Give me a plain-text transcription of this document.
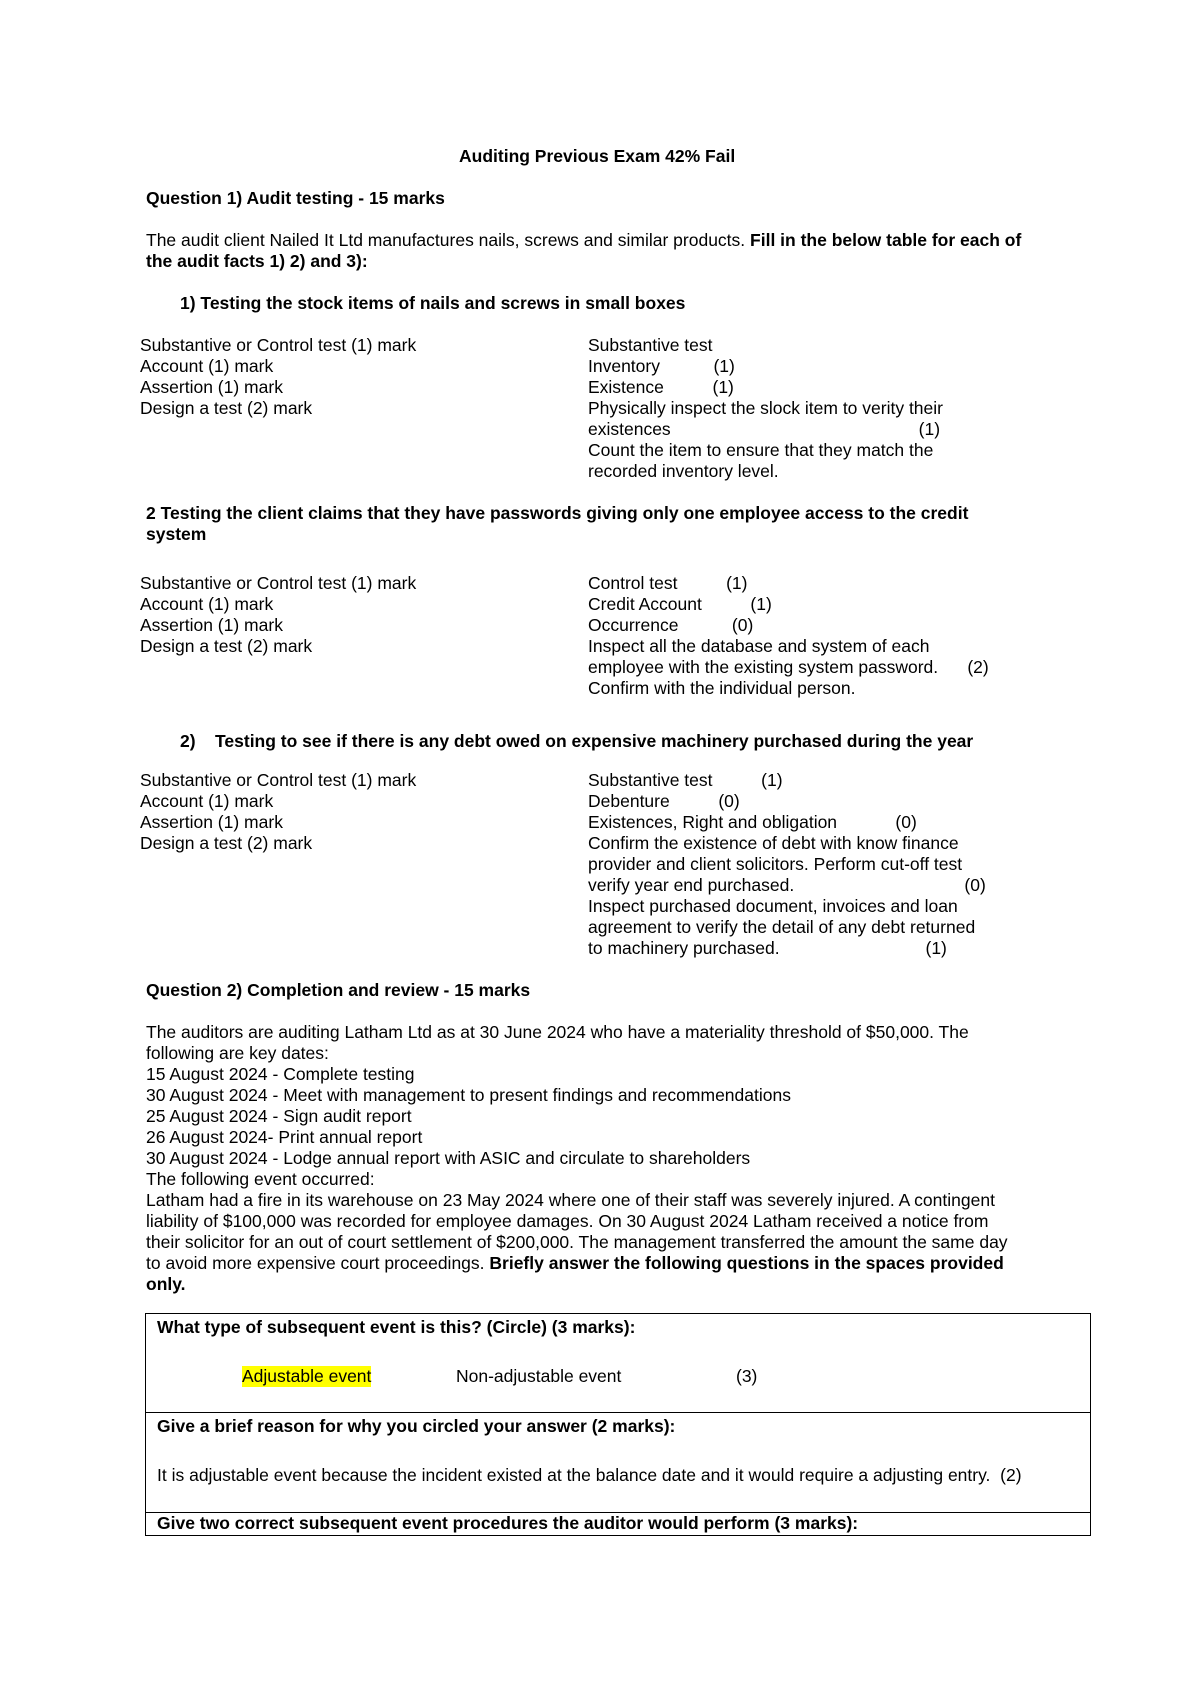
Auditing Previous Exam 42% Fail
Question 1) Audit testing - 15 marks
The audit client Nailed It Ltd manufactures nails, screws and similar products. Fill in the below table for each of
the audit facts 1) 2) and 3):
1) Testing the stock items of nails and screws in small boxes
Substantive or Control test (1) mark
Account (1) mark
Assertion (1) mark
Design a test (2) mark
Substantive test
Inventory           (1)
Existence          (1)
Physically inspect the slock item to verity their
existences                                                   (1)
Count the item to ensure that they match the
recorded inventory level.
2 Testing the client claims that they have passwords giving only one employee access to the credit
system
Substantive or Control test (1) mark
Account (1) mark
Assertion (1) mark
Design a test (2) mark
Control test          (1)
Credit Account          (1)
Occurrence           (0)
Inspect all the database and system of each
employee with the existing system password.      (2)
Confirm with the individual person.
2)    Testing to see if there is any debt owed on expensive machinery purchased during the year
Substantive or Control test (1) mark
Account (1) mark
Assertion (1) mark
Design a test (2) mark
Substantive test          (1)
Debenture          (0)
Existences, Right and obligation            (0)
Confirm the existence of debt with know finance
provider and client solicitors. Perform cut-off test
verify year end purchased.                                   (0)
Inspect purchased document, invoices and loan
agreement to verify the detail of any debt returned
to machinery purchased.                              (1)
Question 2) Completion and review - 15 marks
The auditors are auditing Latham Ltd as at 30 June 2024 who have a materiality threshold of $50,000. The
following are key dates:
15 August 2024 - Complete testing
30 August 2024 - Meet with management to present findings and recommendations
25 August 2024 - Sign audit report
26 August 2024- Print annual report
30 August 2024 - Lodge annual report with ASIC and circulate to shareholders
The following event occurred:
Latham had a fire in its warehouse on 23 May 2024 where one of their staff was severely injured. A contingent
liability of $100,000 was recorded for employee damages. On 30 August 2024 Latham received a notice from
their solicitor for an out of court settlement of $200,000. The management transferred the amount the same day
to avoid more expensive court proceedings. Briefly answer the following questions in the spaces provided
only.
What type of subsequent event is this? (Circle) (3 marks):
Adjustable event	Non-adjustable event	(3)
Give a brief reason for why you circled your answer (2 marks):
It is adjustable event because the incident existed at the balance date and it would require a adjusting entry.  (2)
Give two correct subsequent event procedures the auditor would perform (3 marks):
